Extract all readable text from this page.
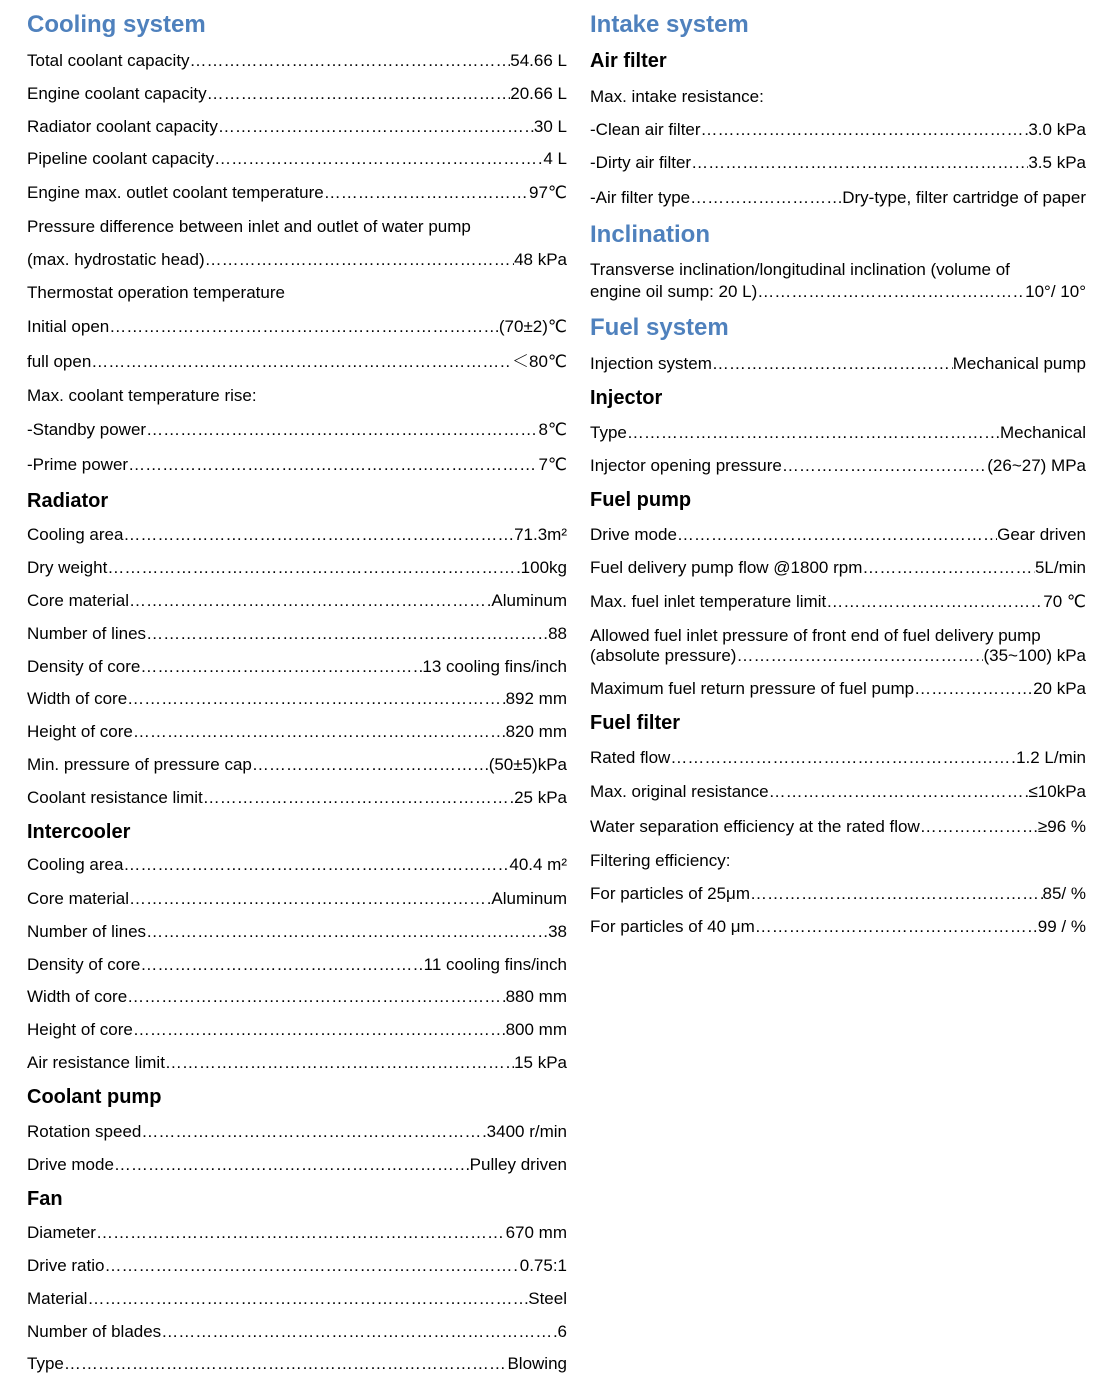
Cooling system
Total coolant capacity ……………………………………………………………………………………………………………………………………………………	54.66 L
Engine coolant capacity ……………………………………………………………………………………………………………………………………………………	20.66 L
Radiator coolant capacity ……………………………………………………………………………………………………………………………………………………	30 L
Pipeline coolant capacity ……………………………………………………………………………………………………………………………………………………	4 L
Engine max. outlet coolant temperature ……………………………………………………………………………………………………………………………………………………	97℃
Pressure difference between inlet and outlet of water pump
(max. hydrostatic head) ……………………………………………………………………………………………………………………………………………………	48 kPa
Thermostat operation temperature
Initial open ……………………………………………………………………………………………………………………………………………………	(70±2)℃
full open ……………………………………………………………………………………………………………………………………………………	＜80℃
Max. coolant temperature rise:
-Standby power ……………………………………………………………………………………………………………………………………………………	8℃
-Prime power ……………………………………………………………………………………………………………………………………………………	7℃
Radiator
Cooling area ……………………………………………………………………………………………………………………………………………………	71.3m²
Dry weight ……………………………………………………………………………………………………………………………………………………	100kg
Core material ……………………………………………………………………………………………………………………………………………………	Aluminum
Number of lines ……………………………………………………………………………………………………………………………………………………	88
Density of core ……………………………………………………………………………………………………………………………………………………	13 cooling fins/inch
Width of core ……………………………………………………………………………………………………………………………………………………	892 mm
Height of core ……………………………………………………………………………………………………………………………………………………	820 mm
Min. pressure of pressure cap ……………………………………………………………………………………………………………………………………………………	(50±5)kPa
Coolant resistance limit ……………………………………………………………………………………………………………………………………………………	25 kPa
Intercooler
Cooling area ……………………………………………………………………………………………………………………………………………………	40.4 m²
Core material ……………………………………………………………………………………………………………………………………………………	Aluminum
Number of lines ……………………………………………………………………………………………………………………………………………………	38
Density of core ……………………………………………………………………………………………………………………………………………………	11 cooling fins/inch
Width of core ……………………………………………………………………………………………………………………………………………………	880 mm
Height of core ……………………………………………………………………………………………………………………………………………………	800 mm
Air resistance limit ……………………………………………………………………………………………………………………………………………………	15 kPa
Coolant pump
Rotation speed ……………………………………………………………………………………………………………………………………………………	3400 r/min
Drive mode ……………………………………………………………………………………………………………………………………………………	Pulley driven
Fan
Diameter ……………………………………………………………………………………………………………………………………………………	670 mm
Drive ratio ……………………………………………………………………………………………………………………………………………………	0.75:1
Material ……………………………………………………………………………………………………………………………………………………	Steel
Number of blades ……………………………………………………………………………………………………………………………………………………	6
Type ……………………………………………………………………………………………………………………………………………………	Blowing
Intake system
Air filter
Max. intake resistance:
-Clean air filter ……………………………………………………………………………………………………………………………………………………	3.0 kPa
-Dirty air filter ……………………………………………………………………………………………………………………………………………………	3.5 kPa
-Air filter type ……………………………………………………………………………………………………………………………………………………	Dry-type, filter cartridge of paper
Inclination
Transverse inclination/longitudinal inclination (volume of
engine oil sump: 20 L) ……………………………………………………………………………………………………………………………………………………	10°/ 10°
Fuel system
Injection system ……………………………………………………………………………………………………………………………………………………	Mechanical pump
Injector
Type ……………………………………………………………………………………………………………………………………………………	Mechanical
Injector opening pressure ……………………………………………………………………………………………………………………………………………………	(26~27) MPa
Fuel pump
Drive mode ……………………………………………………………………………………………………………………………………………………	Gear driven
Fuel delivery pump flow @1800 rpm ……………………………………………………………………………………………………………………………………………………	5L/min
Max. fuel inlet temperature limit ……………………………………………………………………………………………………………………………………………………	70 ℃
Allowed fuel inlet pressure of front end of fuel delivery pump
(absolute pressure) ……………………………………………………………………………………………………………………………………………………	(35~100) kPa
Maximum fuel return pressure of fuel pump ……………………………………………………………………………………………………………………………………………………	20 kPa
Fuel filter
Rated flow ……………………………………………………………………………………………………………………………………………………	1.2 L/min
Max. original resistance ……………………………………………………………………………………………………………………………………………………	≤10kPa
Water separation efficiency at the rated flow ……………………………………………………………………………………………………………………………………………………	≥96 %
Filtering efficiency:
For particles of 25μm ……………………………………………………………………………………………………………………………………………………	85/ %
For particles of 40 μm ……………………………………………………………………………………………………………………………………………………	99 / %
